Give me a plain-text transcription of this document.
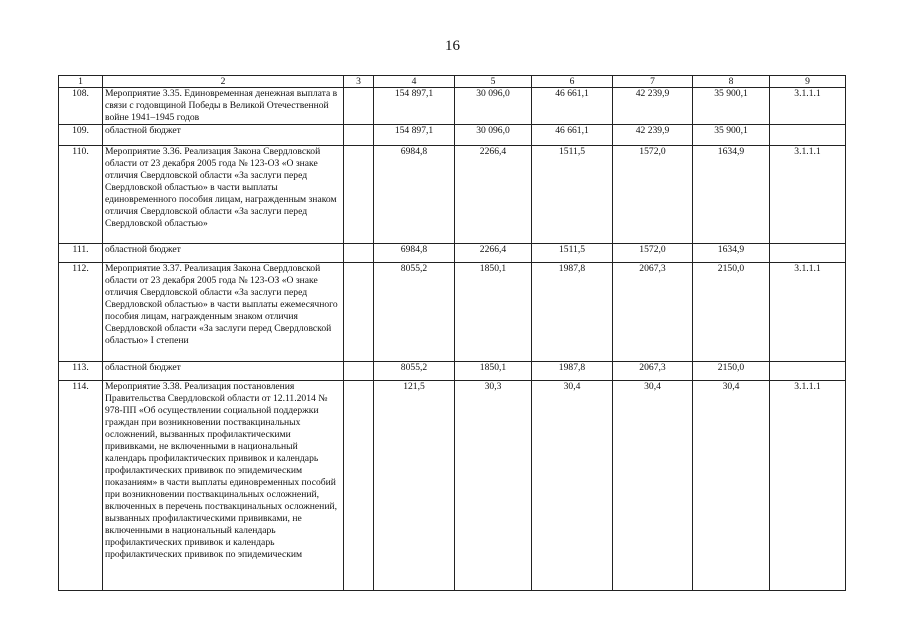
16
1	2	3	4	5	6	7	8	9
108.	Мероприятие 3.35. Единовременная денежная выплата в связи с годовщиной Победы в Великой Отечественной войне 1941–1945 годов		154 897,1	30 096,0	46 661,1	42 239,9	35 900,1	3.1.1.1
109.	областной бюджет		154 897,1	30 096,0	46 661,1	42 239,9	35 900,1	
110.	Мероприятие 3.36. Реализация Закона Свердловской области от 23 декабря 2005 года № 123-ОЗ «О знаке отличия Свердловской области «За заслуги перед Свердловской областью» в части выплаты единовременного пособия лицам, награжденным знаком отличия Свердловской области «За заслуги перед Свердловской областью»		6984,8	2266,4	1511,5	1572,0	1634,9	3.1.1.1
111.	областной бюджет		6984,8	2266,4	1511,5	1572,0	1634,9	
112.	Мероприятие 3.37. Реализация Закона Свердловской области от 23 декабря 2005 года № 123-ОЗ «О знаке отличия Свердловской области «За заслуги перед Свердловской областью» в части выплаты ежемесячного пособия лицам, награжденным знаком отличия Свердловской области «За заслуги перед Свердловской областью» I степени		8055,2	1850,1	1987,8	2067,3	2150,0	3.1.1.1
113.	областной бюджет		8055,2	1850,1	1987,8	2067,3	2150,0	
114.	Мероприятие 3.38. Реализация постановления Правительства Свердловской области от 12.11.2014 № 978-ПП «Об осуществлении социальной поддержки граждан при возникновении поствакцинальных осложнений, вызванных профилактическими прививками, не включенными в национальный календарь профилактических прививок и календарь профилактических прививок по эпидемическим показаниям» в части выплаты единовременных пособий при возникновении поствакцинальных осложнений, включенных в перечень поствакцинальных осложнений, вызванных профилактическими прививками, не включенными в национальный календарь профилактических прививок и календарь профилактических прививок по эпидемическим		121,5	30,3	30,4	30,4	30,4	3.1.1.1
